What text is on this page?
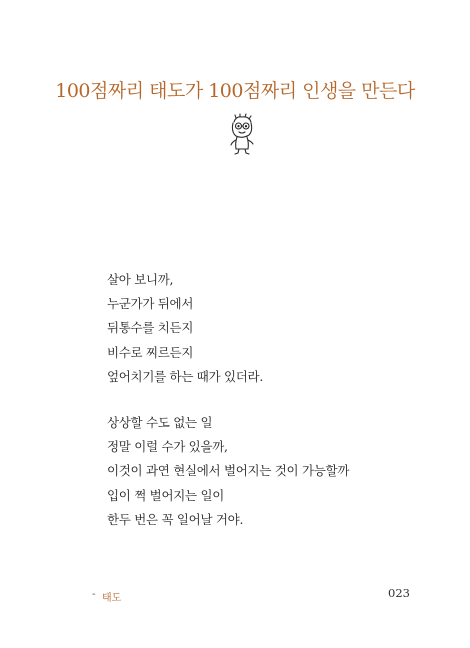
100점짜리 태도가 100점짜리 인생을 만든다
살아 보니까,
누군가가 뒤에서
뒤통수를 치든지
비수로 찌르든지
엎어치기를 하는 때가 있더라.
상상할 수도 없는 일
정말 이럴 수가 있을까,
이것이 과연 현실에서 벌어지는 것이 가능할까
입이 쩍 벌어지는 일이
한두 번은 꼭 일어날 거야.
- 태도	023
